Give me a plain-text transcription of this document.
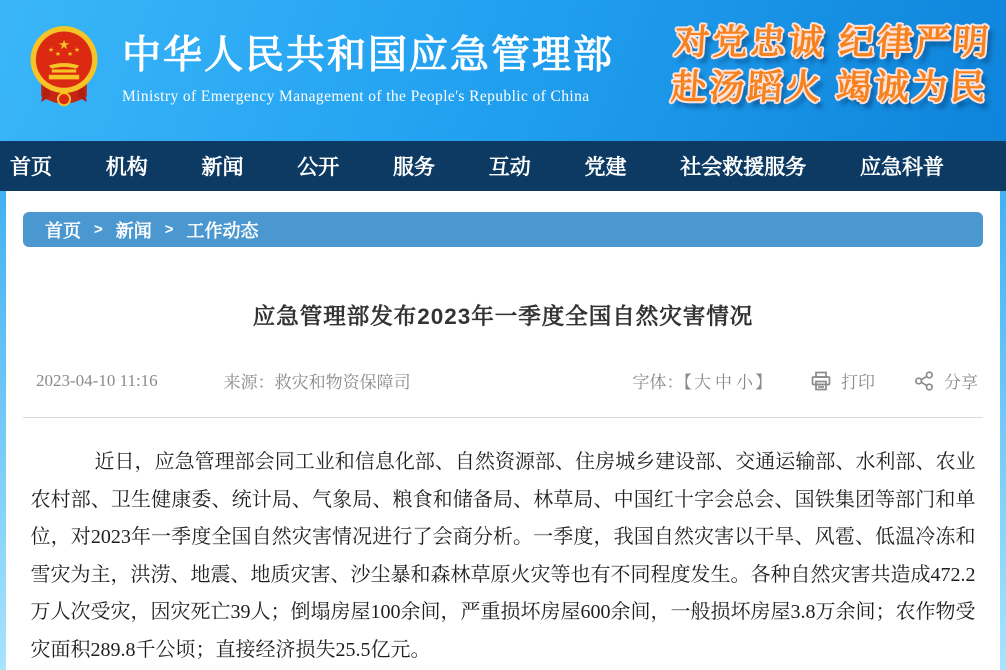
★
★
★ ★
★ 中华人民共和国应急管理部
Ministry of Emergency Management of the People's Republic of China
对党忠诚 纪律严明
赴汤蹈火 竭诚为民
首页	机构	新闻	公开	服务	互动	党建	社会救援服务	应急科普
首页 > 新闻 > 工作动态
应急管理部发布2023年一季度全国自然灾害情况
2023-04-10 11:16	来源：救灾和物资保障司	字体：【 大 中 小 】	打印	分享

近日，应急管理部会同工业和信息化部、自然资源部、住房城乡建设部、交通运输部、水利部、农业农村部、卫生健康委、统计局、气象局、粮食和储备局、林草局、中国红十字会总会、国铁集团等部门和单位，对2023年一季度全国自然灾害情况进行了会商分析。一季度，我国自然灾害以干旱、风雹、低温冷冻和雪灾为主，洪涝、地震、地质灾害、沙尘暴和森林草原火灾等也有不同程度发生。各种自然灾害共造成472.2万人次受灾，因灾死亡39人；倒塌房屋100余间，严重损坏房屋600余间，一般损坏房屋3.8万余间；农作物受灾面积289.8千公顷；直接经济损失25.5亿元。
